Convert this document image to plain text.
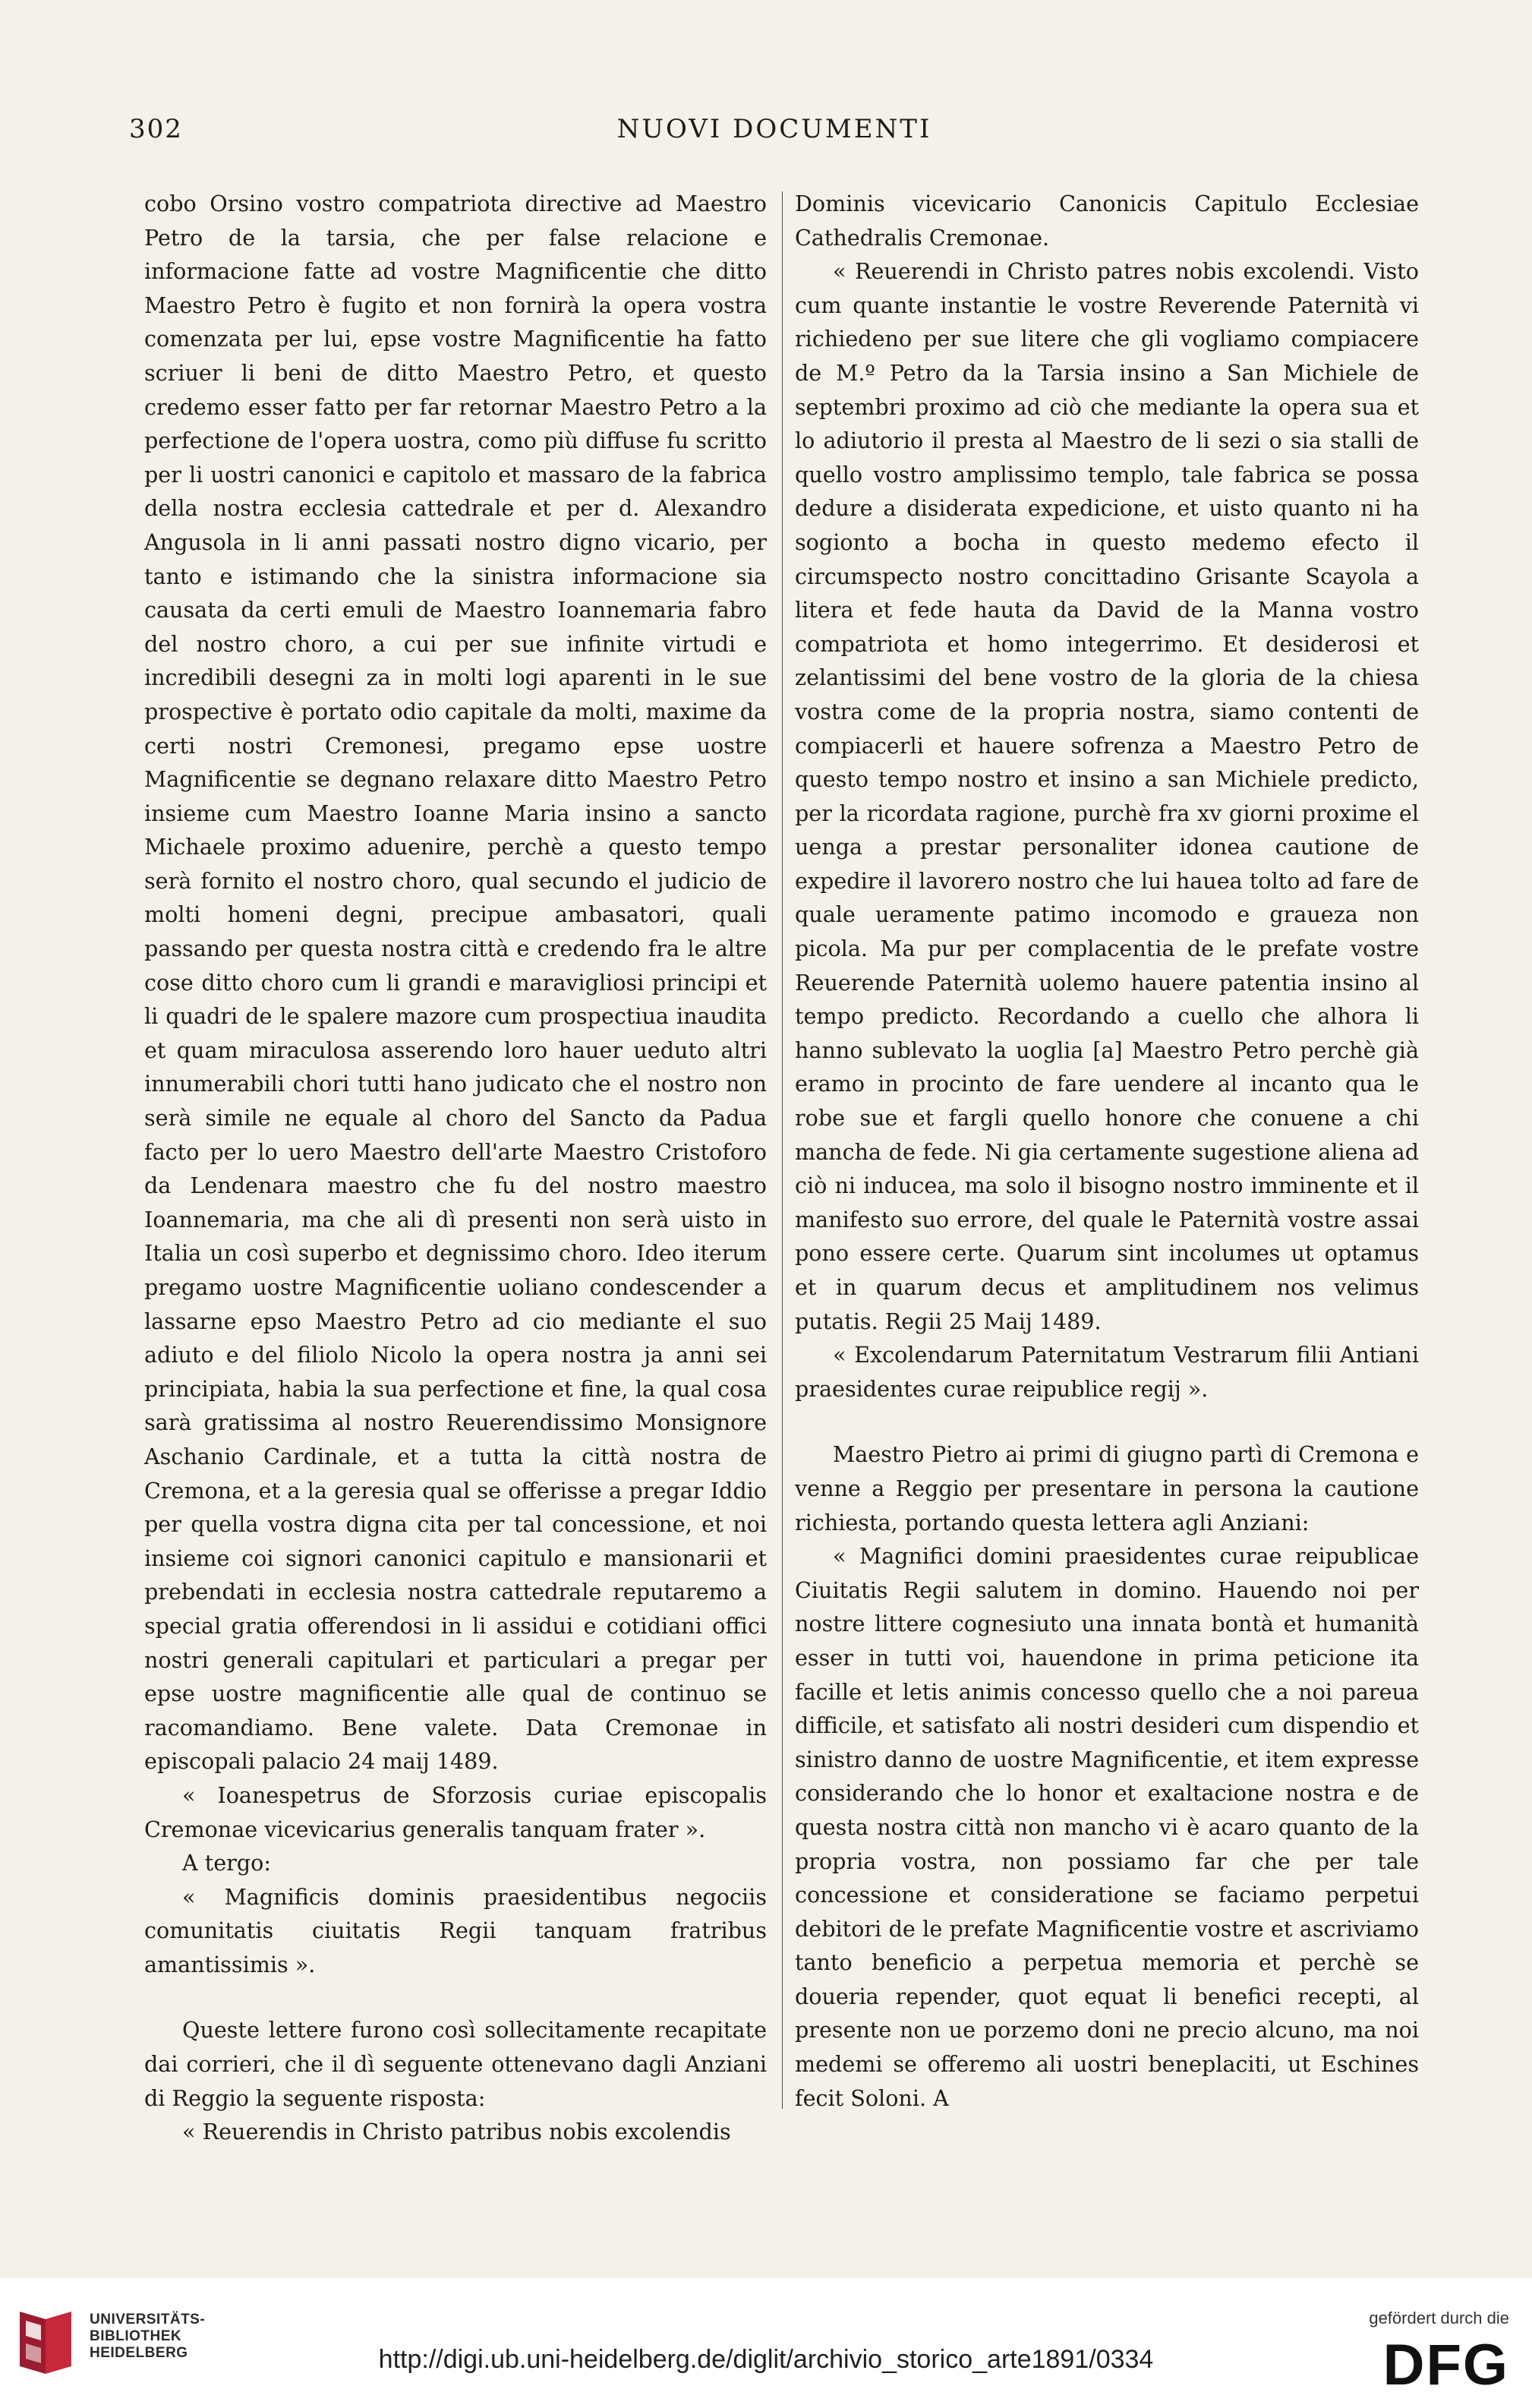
302	NUOVI DOCUMENTI

cobo Orsino vostro compatriota directive ad Maestro Petro de la tarsia, che per false relacione e informacione fatte ad vostre Magnificentie che ditto Maestro Petro è fugito et non fornirà la opera vostra comenzata per lui, epse vostre Magnificentie ha fatto scriuer li beni de ditto Maestro Petro, et questo credemo esser fatto per far retornar Maestro Petro a la perfectione de l'opera uostra, como più diffuse fu scritto per li uostri canonici e capitolo et massaro de la fabrica della nostra ecclesia cattedrale et per d. Alexandro Angusola in li anni passati nostro digno vicario, per tanto e istimando che la sinistra informacione sia causata da certi emuli de Maestro Ioannemaria fabro del nostro choro, a cui per sue infinite virtudi e incredibili desegni za in molti logi aparenti in le sue prospective è portato odio capitale da molti, maxime da certi nostri Cremonesi, pregamo epse uostre Magnificentie se degnano relaxare ditto Maestro Petro insieme cum Maestro Ioanne Maria insino a sancto Michaele proximo aduenire, perchè a questo tempo serà fornito el nostro choro, qual secundo el judicio de molti homeni degni, precipue ambasatori, quali passando per questa nostra città e credendo fra le altre cose ditto choro cum li grandi e maravigliosi principi et li quadri de le spalere mazore cum prospectiua inaudita et quam miraculosa asserendo loro hauer ueduto altri innumerabili chori tutti hano judicato che el nostro non serà simile ne equale al choro del Sancto da Padua facto per lo uero Maestro dell'arte Maestro Cristoforo da Lendenara maestro che fu del nostro maestro Ioannemaria, ma che ali dì presenti non serà uisto in Italia un così superbo et degnissimo choro. Ideo iterum pregamo uostre Magnificentie uoliano condescender a lassarne epso Maestro Petro ad cio mediante el suo adiuto e del filiolo Nicolo la opera nostra ja anni sei principiata, habia la sua perfectione et fine, la qual cosa sarà gratissima al nostro Reuerendissimo Monsignore Aschanio Cardinale, et a tutta la città nostra de Cremona, et a la geresia qual se offerisse a pregar Iddio per quella vostra digna cita per tal concessione, et noi insieme coi signori canonici capitulo e mansionarii et prebendati in ecclesia nostra cattedrale reputaremo a special gratia offerendosi in li assidui e cotidiani offici nostri generali capitulari et particulari a pregar per epse uostre magnificentie alle qual de continuo se racomandiamo. Bene valete. Data Cremonae in episcopali palacio 24 maij 1489.

« Ioanespetrus de Sforzosis curiae episcopalis Cremonae vicevicarius generalis tanquam frater ».

A tergo:

« Magnificis dominis praesidentibus negociis comunitatis ciuitatis Regii tanquam fratribus amantissimis ».

Queste lettere furono così sollecitamente recapitate dai corrieri, che il dì seguente ottenevano dagli Anziani di Reggio la seguente risposta:

« Reuerendis in Christo patribus nobis excolendis

Dominis vicevicario Canonicis Capitulo Ecclesiae Cathedralis Cremonae.

« Reuerendi in Christo patres nobis excolendi. Visto cum quante instantie le vostre Reverende Paternità vi richiedeno per sue litere che gli vogliamo compiacere de M.º Petro da la Tarsia insino a San Michiele de septembri proximo ad ciò che mediante la opera sua et lo adiutorio il presta al Maestro de li sezi o sia stalli de quello vostro amplissimo templo, tale fabrica se possa dedure a disiderata expedicione, et uisto quanto ni ha sogionto a bocha in questo medemo efecto il circumspecto nostro concittadino Grisante Scayola a litera et fede hauta da David de la Manna vostro compatriota et homo integerrimo. Et desiderosi et zelantissimi del bene vostro de la gloria de la chiesa vostra come de la propria nostra, siamo contenti de compiacerli et hauere sofrenza a Maestro Petro de questo tempo nostro et insino a san Michiele predicto, per la ricordata ragione, purchè fra xv giorni proxime el uenga a prestar personaliter idonea cautione de expedire il lavorero nostro che lui hauea tolto ad fare de quale ueramente patimo incomodo e graueza non picola. Ma pur per complacentia de le prefate vostre Reuerende Paternità uolemo hauere patentia insino al tempo predicto. Recordando a cuello che alhora li hanno sublevato la uoglia [a] Maestro Petro perchè già eramo in procinto de fare uendere al incanto qua le robe sue et fargli quello honore che conuene a chi mancha de fede. Ni gia certamente sugestione aliena ad ciò ni inducea, ma solo il bisogno nostro imminente et il manifesto suo errore, del quale le Paternità vostre assai pono essere certe. Quarum sint incolumes ut optamus et in quarum decus et amplitudinem nos velimus putatis. Regii 25 Maij 1489.

« Excolendarum Paternitatum Vestrarum filii Antiani praesidentes curae reipublice regij ».

Maestro Pietro ai primi di giugno partì di Cremona e venne a Reggio per presentare in persona la cautione richiesta, portando questa lettera agli Anziani:

« Magnifici domini praesidentes curae reipublicae Ciuitatis Regii salutem in domino. Hauendo noi per nostre littere cognesiuto una innata bontà et humanità esser in tutti voi, hauendone in prima peticione ita facille et letis animis concesso quello che a noi pareua difficile, et satisfato ali nostri desideri cum dispendio et sinistro danno de uostre Magnificentie, et item expresse considerando che lo honor et exaltacione nostra e de questa nostra città non mancho vi è acaro quanto de la propria vostra, non possiamo far che per tale concessione et consideratione se faciamo perpetui debitori de le prefate Magnificentie vostre et ascriviamo tanto beneficio a perpetua memoria et perchè se doueria repender, quot equat li benefici recepti, al presente non ue porzemo doni ne precio alcuno, ma noi medemi se offeremo ali uostri beneplaciti, ut Eschines fecit Soloni. A

UNIVERSITÄTS-
BIBLIOTHEK
HEIDELBERG	http://digi.ub.uni-heidelberg.de/diglit/archivio_storico_arte1891/0334
gefördert durch die
DFG
